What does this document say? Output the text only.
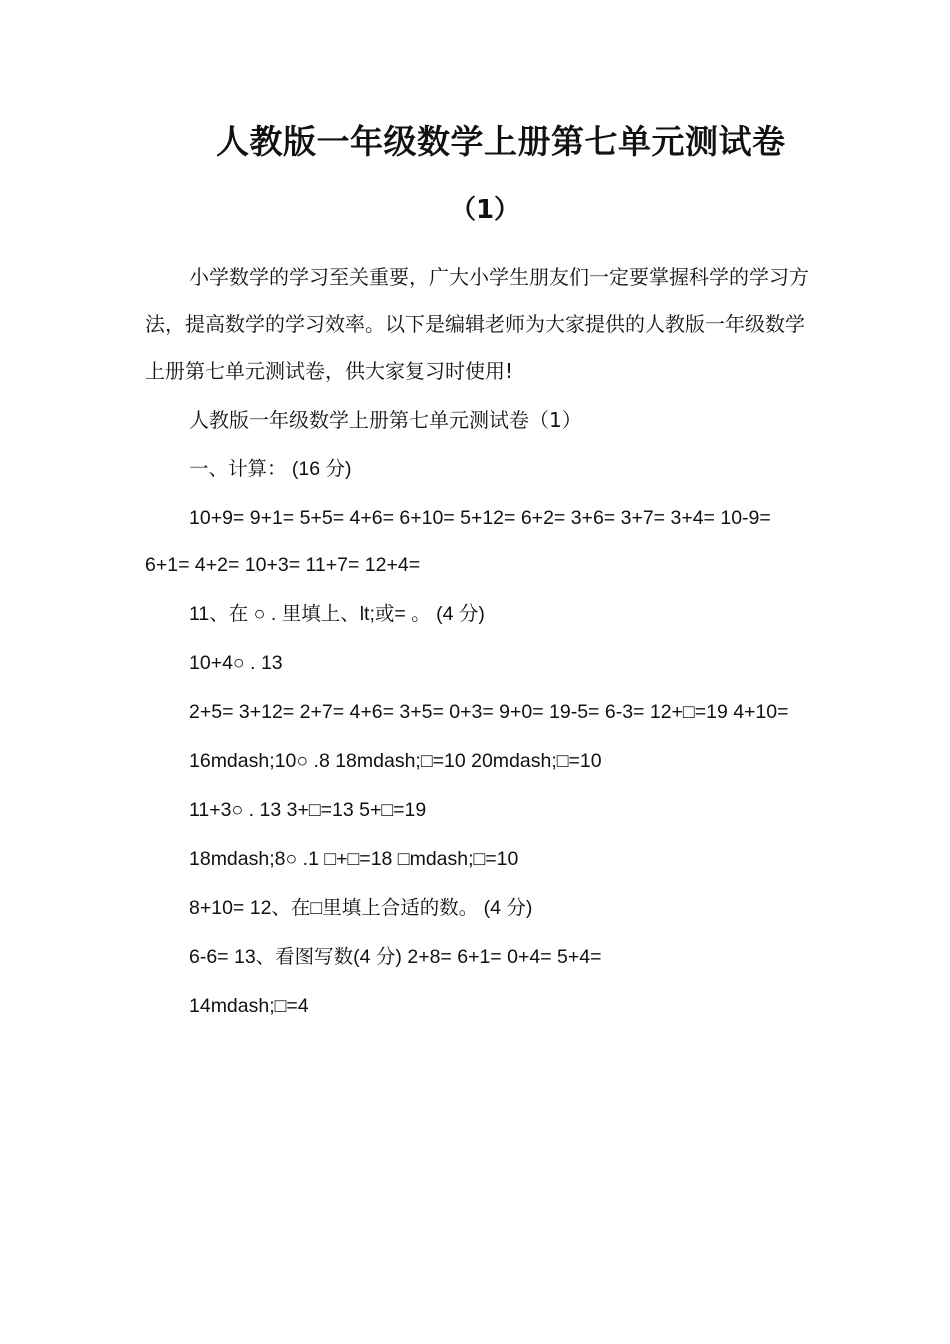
人教版一年级数学上册第七单元测试卷
（1）

小学数学的学习至关重要，广大小学生朋友们一定要掌握科学的学习方法，提高数学的学习效率。以下是编辑老师为大家提供的人教版一年级数学上册第七单元测试卷，供大家复习时使用!

人教版一年级数学上册第七单元测试卷（1）

一、计算： (16 分)

10+9= 9+1= 5+5= 4+6= 6+10= 5+12= 6+2= 3+6= 3+7= 3+4= 10-9= 6+1= 4+2= 10+3= 11+7= 12+4=

11、在 ○ . 里填上、lt;或= 。 (4 分)

10+4○ . 13

2+5= 3+12= 2+7= 4+6= 3+5= 0+3= 9+0= 19-5= 6-3= 12+□=19 4+10=

16mdash;10○ .8 18mdash;□=10 20mdash;□=10

11+3○ . 13 3+□=13 5+□=19

18mdash;8○ .1 □+□=18 □mdash;□=10

8+10= 12、在□里填上合适的数。 (4 分)

6-6= 13、看图写数(4 分) 2+8= 6+1= 0+4= 5+4=

14mdash;□=4
